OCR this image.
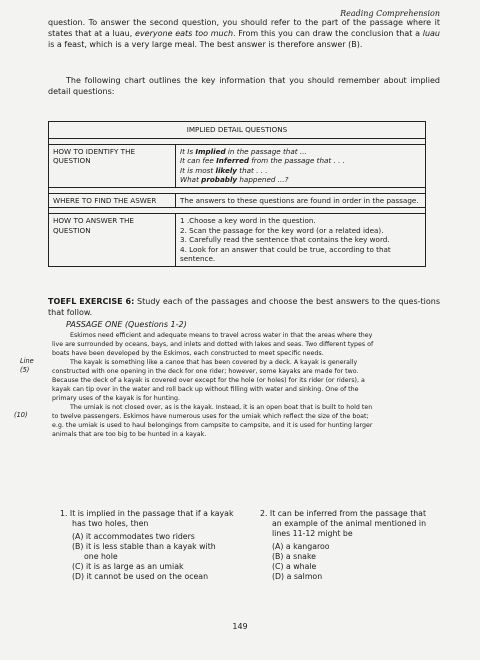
Reading Comprehension
question. To answer the second question, you should refer to the part of the passage where it states that at a luau, everyone eats too much. From this you can draw the conclusion that a luau is a feast, which is a very large meal. The best answer is therefore answer (B).
The following chart outlines the key information that you should remember about implied detail questions:
IMPLIED DETAIL QUESTIONS	

HOW TO IDENTIFY THE QUESTION	It Is Implied in the passage that ...
It can fee Inferred from the passage that . . .
It is most likely that . . .
What probably happened ...?

WHERE TO FIND THE ASWER	The answers to these questions are found in order in the passage.

HOW TO ANSWER THE QUESTION	1 .Choose a key word in the question.
2. Scan the passage for the key word (or a related idea).
3. Carefully read the sentence that contains the key word.
4. Look for an answer that could be true, according to that sentence.
TOEFL EXERCISE 6: Study each of the passages and choose the best answers to the ques-tions that follow.
PASSAGE ONE (Questions 1-2)
Eskimos need efficient and adequate means to travel across water in that the areas where they
live are surrounded by oceans, bays, and inlets and dotted with lakes and seas. Two different types of
boats have been developed by the Eskimos, each constructed to meet specific needs.
The kayak is something like a canoe that has been covered by a deck. A kayak is generally
constructed with one opening in the deck for one rider; however, some kayaks are made for two.
Because the deck of a kayak is covered over except for the hole (or holes) for its rider (or riders), a
kayak can tip over in the water and roll back up without filling with water and sinking. One of the
primary uses of the kayak is for hunting.
The umiak is not closed over, as is the kayak. Instead, it is an open boat that is built to hold ten
to twelve passengers. Eskimos have numerous uses for the umiak which reflect the size of the boat;
e.g. the umiak is used to haul belongings from campsite to campsite, and it is used for hunting larger
animals that are too big to be hunted in a kayak.
Line
(5)
(10)
1. It is implied in the passage that if a kayak
has two holes, then
(A) it accommodates two riders
(B) it is less stable than a kayak with
one hole
(C) it is as large as an umiak
(D) it cannot be used on the ocean
2. It can be inferred from the passage that
an example of the animal mentioned in
lines 11-12 might be
(A) a kangaroo
(B) a snake
(C) a whale
(D) a salmon
149
